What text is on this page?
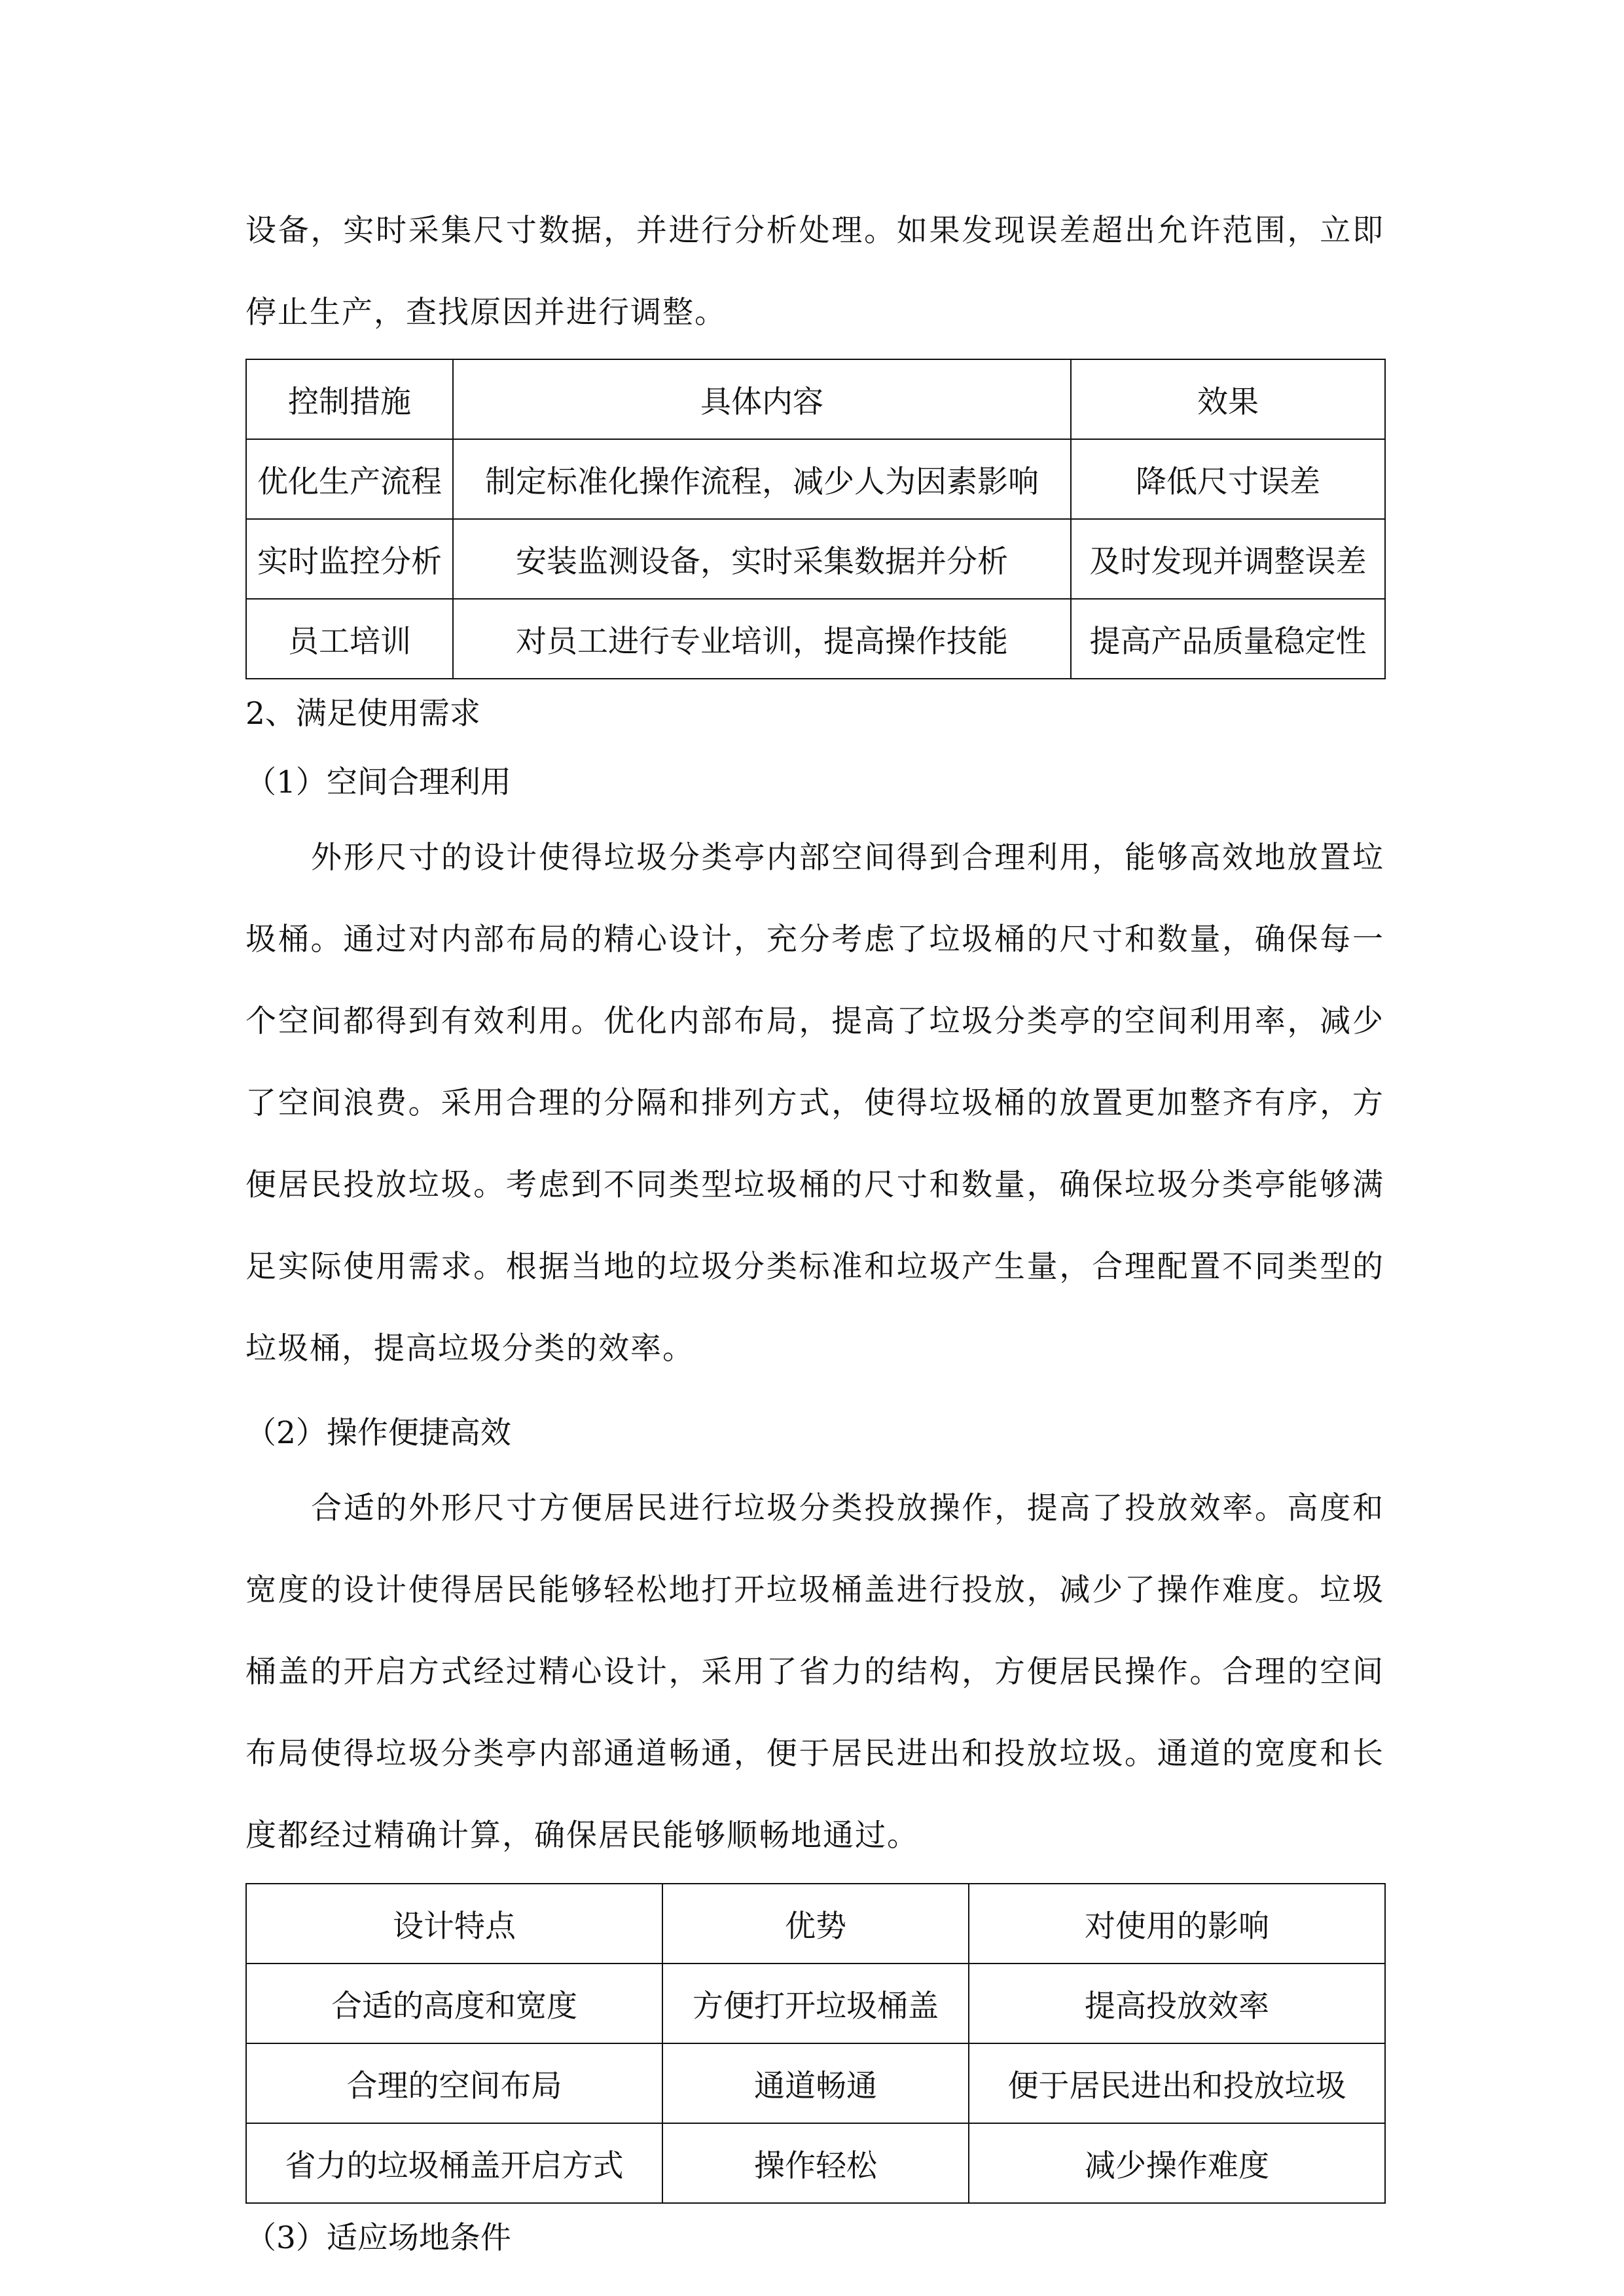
设备，实时采集尺寸数据，并进行分析处理。如果发现误差超出允许范围，立即停止生产，查找原因并进行调整。

控制措施	具体内容	效果
优化生产流程	制定标准化操作流程，减少人为因素影响	降低尺寸误差
实时监控分析	安装监测设备，实时采集数据并分析	及时发现并调整误差
员工培训	对员工进行专业培训，提高操作技能	提高产品质量稳定性

2、满足使用需求

（1）空间合理利用

外形尺寸的设计使得垃圾分类亭内部空间得到合理利用，能够高效地放置垃圾桶。通过对内部布局的精心设计，充分考虑了垃圾桶的尺寸和数量，确保每一个空间都得到有效利用。优化内部布局，提高了垃圾分类亭的空间利用率，减少了空间浪费。采用合理的分隔和排列方式，使得垃圾桶的放置更加整齐有序，方便居民投放垃圾。考虑到不同类型垃圾桶的尺寸和数量，确保垃圾分类亭能够满足实际使用需求。根据当地的垃圾分类标准和垃圾产生量，合理配置不同类型的垃圾桶，提高垃圾分类的效率。

（2）操作便捷高效

合适的外形尺寸方便居民进行垃圾分类投放操作，提高了投放效率。高度和宽度的设计使得居民能够轻松地打开垃圾桶盖进行投放，减少了操作难度。垃圾桶盖的开启方式经过精心设计，采用了省力的结构，方便居民操作。合理的空间布局使得垃圾分类亭内部通道畅通，便于居民进出和投放垃圾。通道的宽度和长度都经过精确计算，确保居民能够顺畅地通过。

设计特点	优势	对使用的影响
合适的高度和宽度	方便打开垃圾桶盖	提高投放效率
合理的空间布局	通道畅通	便于居民进出和投放垃圾
省力的垃圾桶盖开启方式	操作轻松	减少操作难度

（3）适应场地条件
